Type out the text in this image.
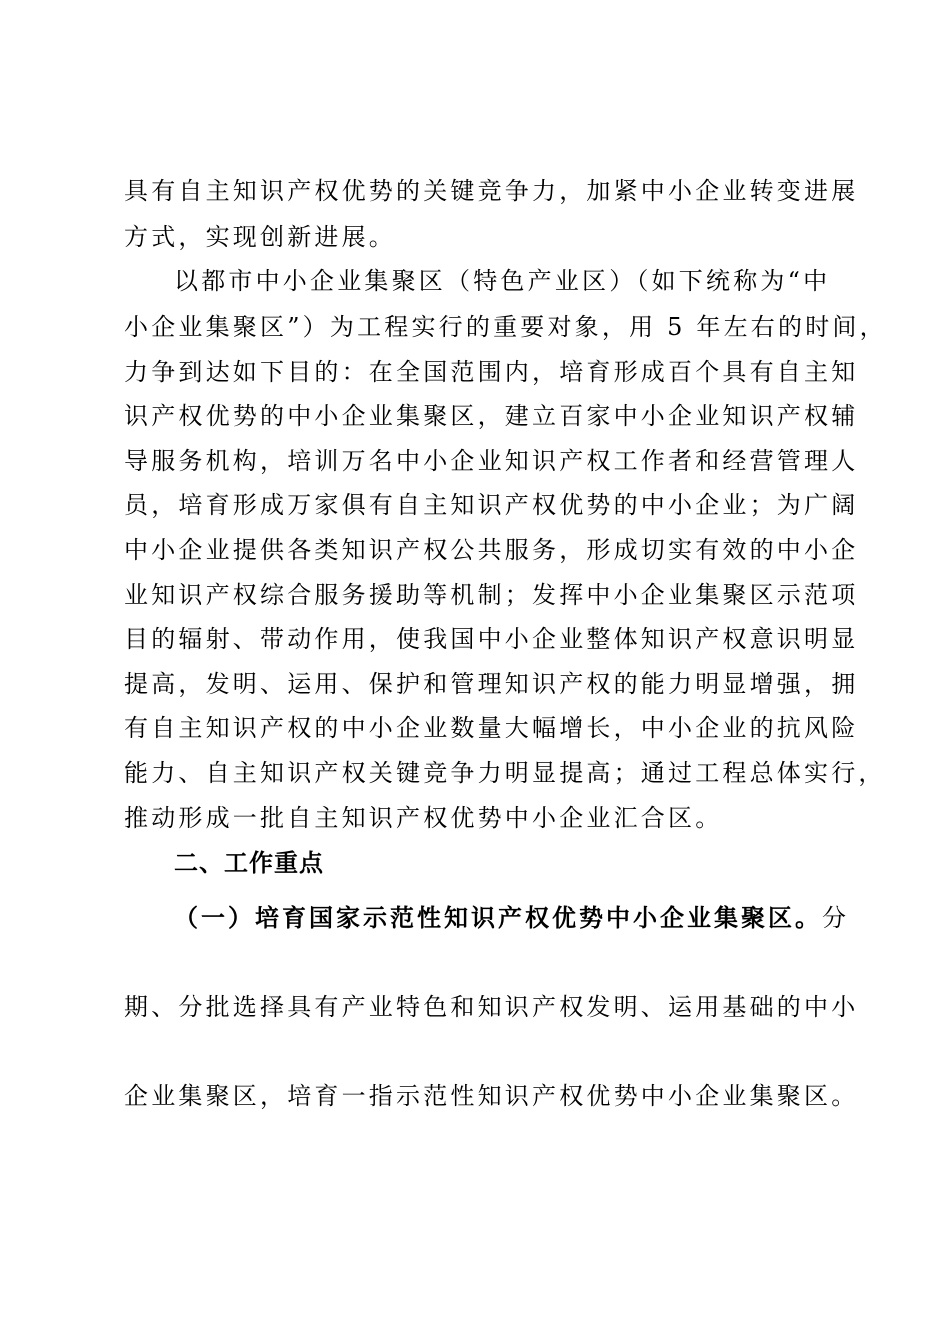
具有自主知识产权优势的关键竞争力，加紧中小企业转变进展
方式，实现创新进展。
以都市中小企业集聚区（特色产业区）（如下统称为“中
小企业集聚区”）为工程实行的重要对象，用 5 年左右的时间，
力争到达如下目的：在全国范围内，培育形成百个具有自主知
识产权优势的中小企业集聚区，建立百家中小企业知识产权辅
导服务机构，培训万名中小企业知识产权工作者和经营管理人
员，培育形成万家俱有自主知识产权优势的中小企业；为广阔
中小企业提供各类知识产权公共服务，形成切实有效的中小企
业知识产权综合服务援助等机制；发挥中小企业集聚区示范项
目的辐射、带动作用，使我国中小企业整体知识产权意识明显
提高，发明、运用、保护和管理知识产权的能力明显增强，拥
有自主知识产权的中小企业数量大幅增长，中小企业的抗风险
能力、自主知识产权关键竞争力明显提高；通过工程总体实行，
推动形成一批自主知识产权优势中小企业汇合区。
二、工作重点
（一）培育国家示范性知识产权优势中小企业集聚区。分
期、分批选择具有产业特色和知识产权发明、运用基础的中小
企业集聚区，培育一指示范性知识产权优势中小企业集聚区。
